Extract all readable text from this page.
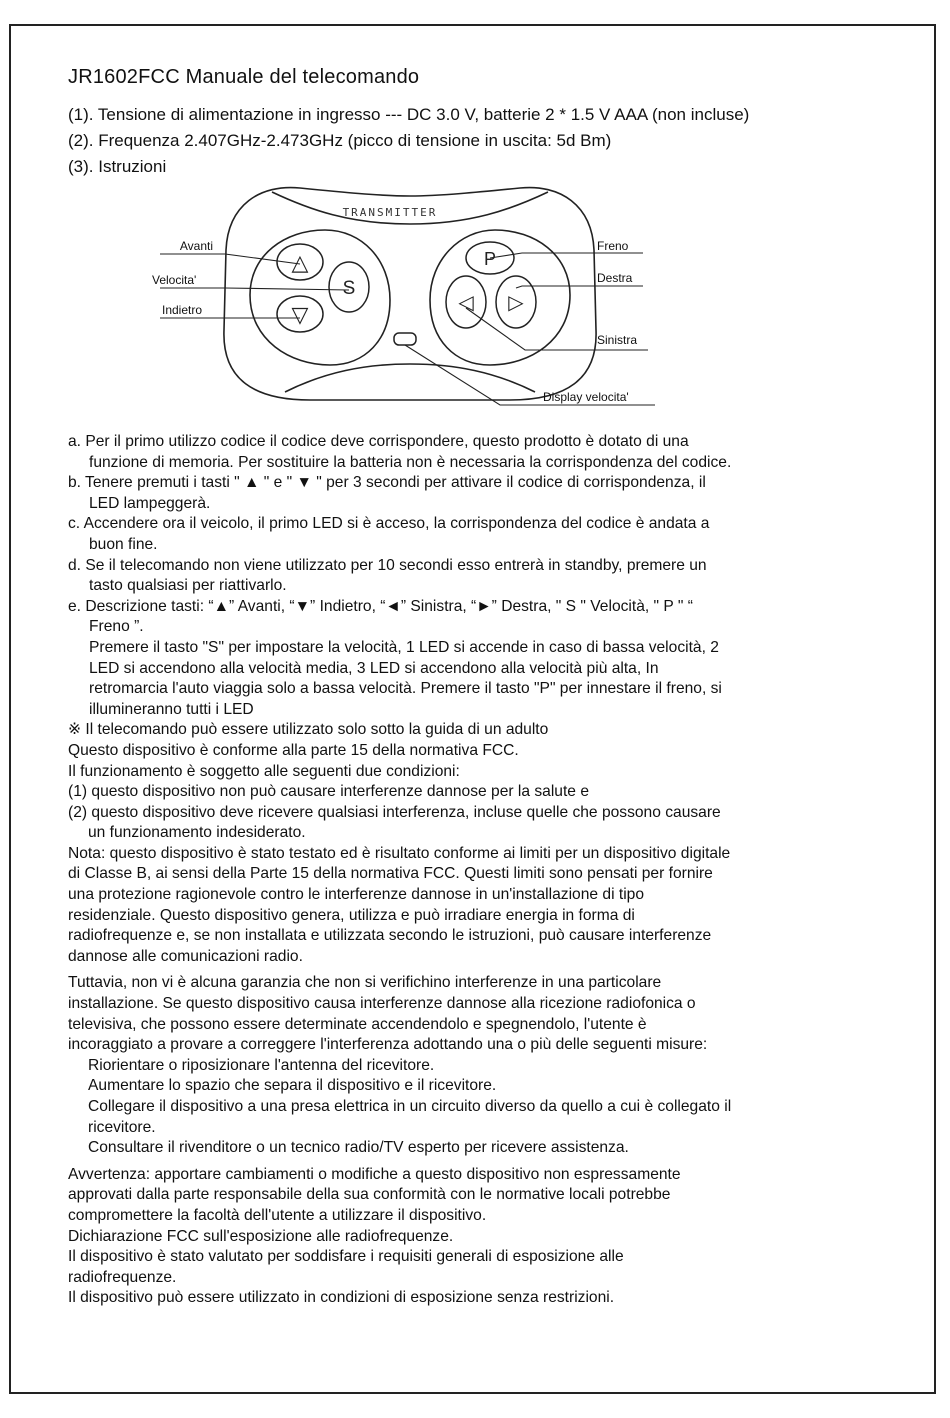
JR1602FCC Manuale del telecomando
(1). Tensione di alimentazione in ingresso --- DC 3.0 V, batterie 2 * 1.5 V AAA (non incluse)
(2). Frequenza 2.407GHz-2.473GHz (picco di tensione in uscita: 5d Bm)
(3). Istruzioni
TRANSMITTER
△
▽
S
P
◁ ▷
Avanti
Velocita'
Indietro
Freno
Destra
Sinistra
Display velocita'

a. Per il primo utilizzo codice il codice deve corrispondere, questo prodotto è dotato di una

funzione di memoria. Per sostituire la batteria non è necessaria la corrispondenza del codice.

b. Tenere premuti i tasti " ▲ " e " ▼ " per 3 secondi per attivare il codice di corrispondenza, il

LED lampeggerà.

c. Accendere ora il veicolo, il primo LED si è acceso, la corrispondenza del codice è andata a

buon fine.

d. Se il telecomando non viene utilizzato per 10 secondi esso entrerà in standby, premere un

tasto qualsiasi per riattivarlo.

e. Descrizione tasti: “▲” Avanti, “▼” Indietro, “◄” Sinistra, “►” Destra, " S " Velocità, " P " “

Freno ”.

Premere il tasto "S" per impostare la velocità, 1 LED si accende in caso di bassa velocità, 2

LED si accendono alla velocità media, 3 LED si accendono alla velocità più alta, In

retromarcia l'auto viaggia solo a bassa velocità. Premere il tasto "P" per innestare il freno, si

illumineranno tutti i LED

※ Il telecomando può essere utilizzato solo sotto la guida di un adulto

Questo dispositivo è conforme alla parte 15 della normativa FCC.

Il funzionamento è soggetto alle seguenti due condizioni:

(1) questo dispositivo non può causare interferenze dannose per la salute e

(2) questo dispositivo deve ricevere qualsiasi interferenza, incluse quelle che possono causare

un funzionamento indesiderato.

Nota: questo dispositivo è stato testato ed è risultato conforme ai limiti per un dispositivo digitale

di Classe B, ai sensi della Parte 15 della normativa FCC. Questi limiti sono pensati per fornire

una protezione ragionevole contro le interferenze dannose in un'installazione di tipo

residenziale. Questo dispositivo genera, utilizza e può irradiare energia in forma di

radiofrequenze e, se non installata e utilizzata secondo le istruzioni, può causare interferenze

dannose alle comunicazioni radio.

Tuttavia, non vi è alcuna garanzia che non si verifichino interferenze in una particolare

installazione. Se questo dispositivo causa interferenze dannose alla ricezione radiofonica o

televisiva, che possono essere determinate accendendolo e spegnendolo, l'utente è

incoraggiato a provare a correggere l'interferenza adottando una o più delle seguenti misure:

Riorientare o riposizionare l'antenna del ricevitore.

Aumentare lo spazio che separa il dispositivo e il ricevitore.

Collegare il dispositivo a una presa elettrica in un circuito diverso da quello a cui è collegato il

ricevitore.

Consultare il rivenditore o un tecnico radio/TV esperto per ricevere assistenza.

Avvertenza: apportare cambiamenti o modifiche a questo dispositivo non espressamente

approvati dalla parte responsabile della sua conformità con le normative locali potrebbe

compromettere la facoltà dell'utente a utilizzare il dispositivo.

Dichiarazione FCC sull'esposizione alle radiofrequenze.

Il dispositivo è stato valutato per soddisfare i requisiti generali di esposizione alle

radiofrequenze.

Il dispositivo può essere utilizzato in condizioni di esposizione senza restrizioni.
